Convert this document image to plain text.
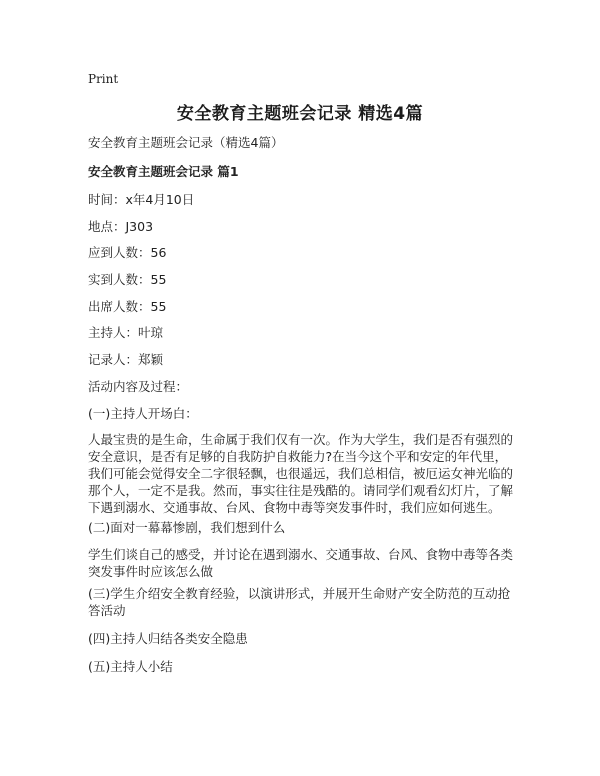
Print
安全教育主题班会记录 精选4篇
安全教育主题班会记录（精选4篇）
安全教育主题班会记录 篇1
时间：x年4月10日
地点：J303
应到人数：56
实到人数：55
出席人数：55
主持人：叶琼
记录人：郑颖
活动内容及过程：
(一)主持人开场白：
人最宝贵的是生命，生命属于我们仅有一次。作为大学生，我们是否有强烈的安全意识，是否有足够的自我防护自救能力?在当今这个平和安定的年代里，我们可能会觉得安全二字很轻飘，也很遥远，我们总相信，被厄运女神光临的那个人，一定不是我。然而，事实往往是残酷的。请同学们观看幻灯片，了解下遇到溺水、交通事故、台风、食物中毒等突发事件时，我们应如何逃生。
(二)面对一幕幕惨剧，我们想到什么
学生们谈自己的感受，并讨论在遇到溺水、交通事故、台风、食物中毒等各类突发事件时应该怎么做
(三)学生介绍安全教育经验，以演讲形式，并展开生命财产安全防范的互动抢答活动
(四)主持人归结各类安全隐患
(五)主持人小结
